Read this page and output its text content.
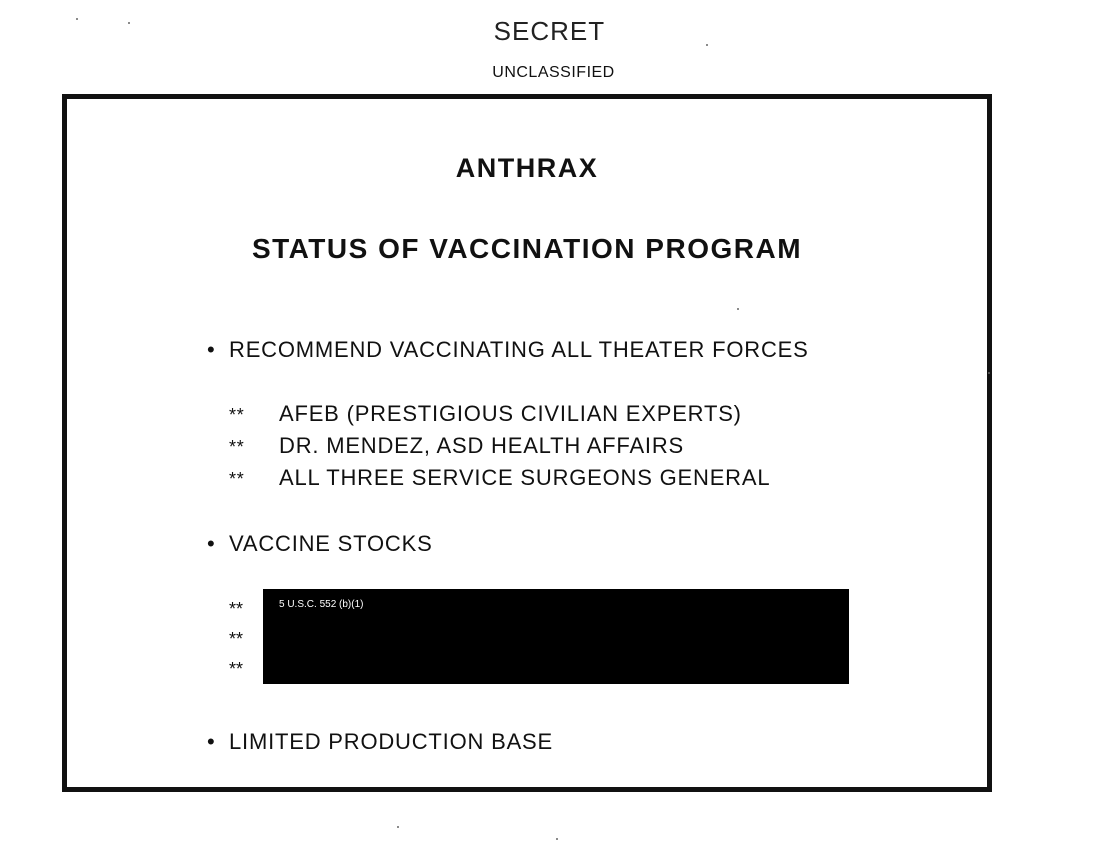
SECRET
UNCLASSIFIED
ANTHRAX
STATUS OF VACCINATION PROGRAM
• RECOMMEND VACCINATING ALL THEATER FORCES
** AFEB (PRESTIGIOUS CIVILIAN EXPERTS)
** DR. MENDEZ, ASD HEALTH AFFAIRS
** ALL THREE SERVICE SURGEONS GENERAL
• VACCINE STOCKS
**
**
**
5 U.S.C. 552 (b)(1)
• LIMITED PRODUCTION BASE
